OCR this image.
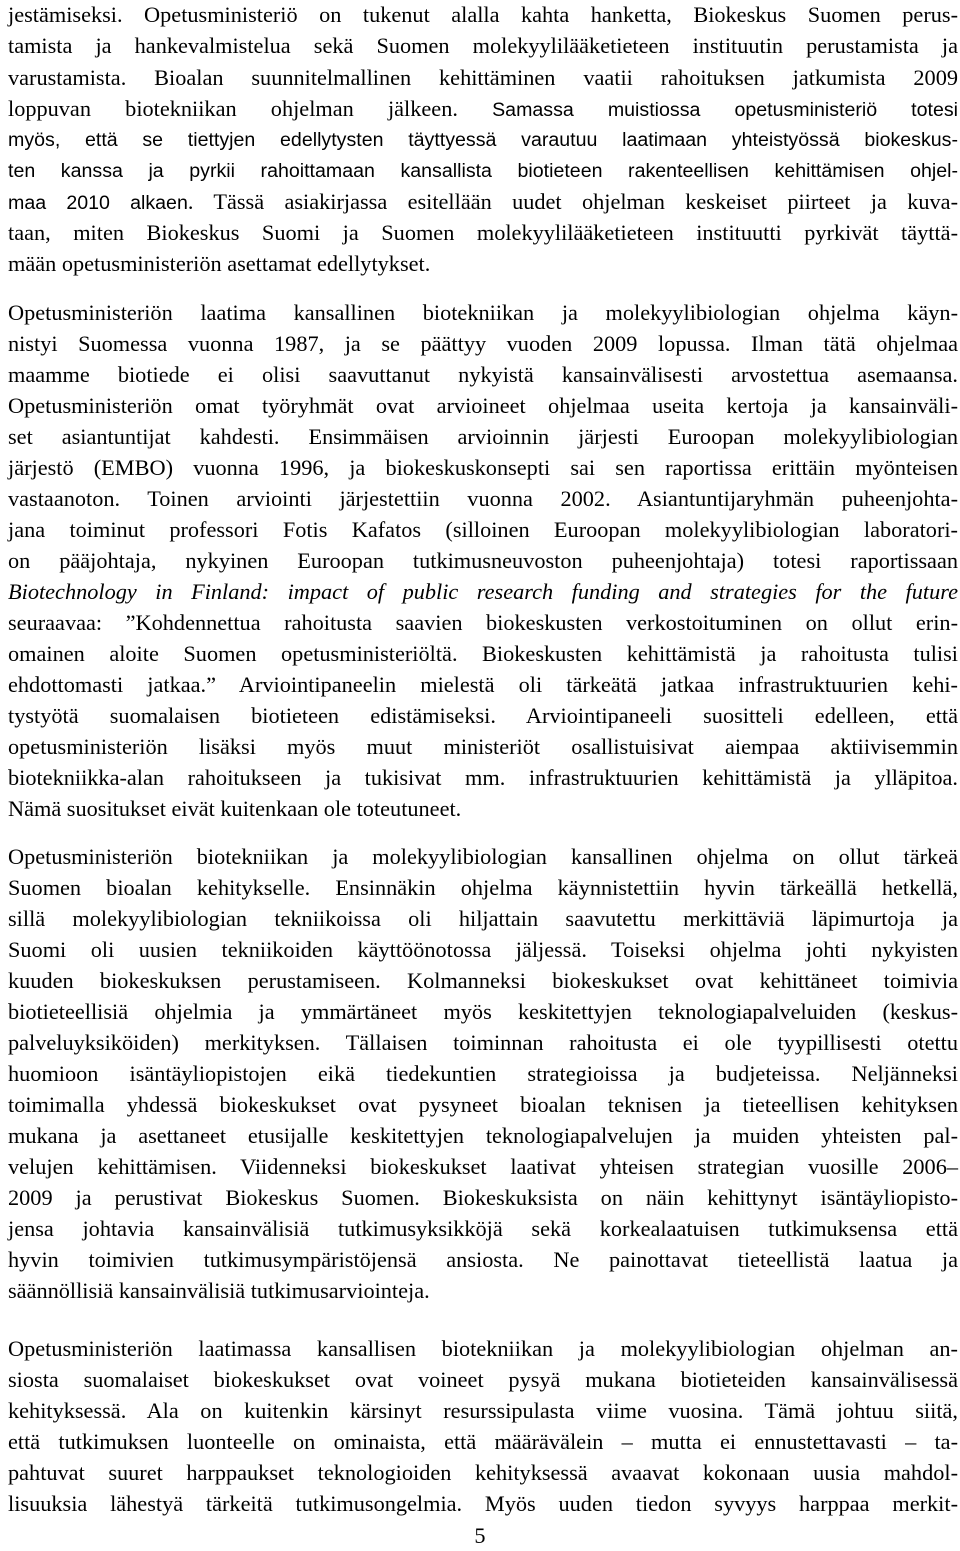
jestämiseksi. Opetusministeriö on tukenut alalla kahta hanketta, Biokeskus Suomen perus-
tamista ja hankevalmistelua sekä Suomen molekyylilääketieteen instituutin perustamista ja
varustamista. Bioalan suunnitelmallinen kehittäminen vaatii rahoituksen jatkumista 2009
loppuvan biotekniikan ohjelman jälkeen. Samassa muistiossa opetusministeriö totesi
myös, että se tiettyjen edellytysten täyttyessä varautuu laatimaan yhteistyössä biokeskus-
ten kanssa ja pyrkii rahoittamaan kansallista biotieteen rakenteellisen kehittämisen ohjel-
maa 2010 alkaen. Tässä asiakirjassa esitellään uudet ohjelman keskeiset piirteet ja kuva-
taan, miten Biokeskus Suomi ja Suomen molekyylilääketieteen instituutti pyrkivät täyttä-
mään opetusministeriön asettamat edellytykset.
Opetusministeriön laatima kansallinen biotekniikan ja molekyylibiologian ohjelma käyn-
nistyi Suomessa vuonna 1987, ja se päättyy vuoden 2009 lopussa. Ilman tätä ohjelmaa
maamme biotiede ei olisi saavuttanut nykyistä kansainvälisesti arvostettua asemaansa.
Opetusministeriön omat työryhmät ovat arvioineet ohjelmaa useita kertoja ja kansainväli-
set asiantuntijat kahdesti. Ensimmäisen arvioinnin järjesti Euroopan molekyylibiologian
järjestö (EMBO) vuonna 1996, ja biokeskuskonsepti sai sen raportissa erittäin myönteisen
vastaanoton. Toinen arviointi järjestettiin vuonna 2002. Asiantuntijaryhmän puheenjohta-
jana toiminut professori Fotis Kafatos (silloinen Euroopan molekyylibiologian laboratori-
on pääjohtaja, nykyinen Euroopan tutkimusneuvoston puheenjohtaja) totesi raportissaan
Biotechnology in Finland: impact of public research funding and strategies for the future
seuraavaa: ”Kohdennettua rahoitusta saavien biokeskusten verkostoituminen on ollut erin-
omainen aloite Suomen opetusministeriöltä. Biokeskusten kehittämistä ja rahoitusta tulisi
ehdottomasti jatkaa.” Arviointipaneelin mielestä oli tärkeätä jatkaa infrastruktuurien kehi-
tystyötä suomalaisen biotieteen edistämiseksi. Arviointipaneeli suositteli edelleen, että
opetusministeriön lisäksi myös muut ministeriöt osallistuisivat aiempaa aktiivisemmin
biotekniikka-alan rahoitukseen ja tukisivat mm. infrastruktuurien kehittämistä ja ylläpitoa.
Nämä suositukset eivät kuitenkaan ole toteutuneet.
Opetusministeriön biotekniikan ja molekyylibiologian kansallinen ohjelma on ollut tärkeä
Suomen bioalan kehitykselle. Ensinnäkin ohjelma käynnistettiin hyvin tärkeällä hetkellä,
sillä molekyylibiologian tekniikoissa oli hiljattain saavutettu merkittäviä läpimurtoja ja
Suomi oli uusien tekniikoiden käyttöönotossa jäljessä. Toiseksi ohjelma johti nykyisten
kuuden biokeskuksen perustamiseen. Kolmanneksi biokeskukset ovat kehittäneet toimivia
biotieteellisiä ohjelmia ja ymmärtäneet myös keskitettyjen teknologiapalveluiden (keskus-
palveluyksiköiden) merkityksen. Tällaisen toiminnan rahoitusta ei ole tyypillisesti otettu
huomioon isäntäyliopistojen eikä tiedekuntien strategioissa ja budjeteissa. Neljänneksi
toimimalla yhdessä biokeskukset ovat pysyneet bioalan teknisen ja tieteellisen kehityksen
mukana ja asettaneet etusijalle keskitettyjen teknologiapalvelujen ja muiden yhteisten pal-
velujen kehittämisen. Viidenneksi biokeskukset laativat yhteisen strategian vuosille 2006–
2009 ja perustivat Biokeskus Suomen. Biokeskuksista on näin kehittynyt isäntäyliopisto-
jensa johtavia kansainvälisiä tutkimusyksikköjä sekä korkealaatuisen tutkimuksensa että
hyvin toimivien tutkimusympäristöjensä ansiosta. Ne painottavat tieteellistä laatua ja
säännöllisiä kansainvälisiä tutkimusarviointeja.
Opetusministeriön laatimassa kansallisen biotekniikan ja molekyylibiologian ohjelman an-
siosta suomalaiset biokeskukset ovat voineet pysyä mukana biotieteiden kansainvälisessä
kehityksessä. Ala on kuitenkin kärsinyt resurssipulasta viime vuosina. Tämä johtuu siitä,
että tutkimuksen luonteelle on ominaista, että määrävälein – mutta ei ennustettavasti – ta-
pahtuvat suuret harppaukset teknologioiden kehityksessä avaavat kokonaan uusia mahdol-
lisuuksia lähestyä tärkeitä tutkimusongelmia. Myös uuden tiedon syvyys harppaa merkit-
5
